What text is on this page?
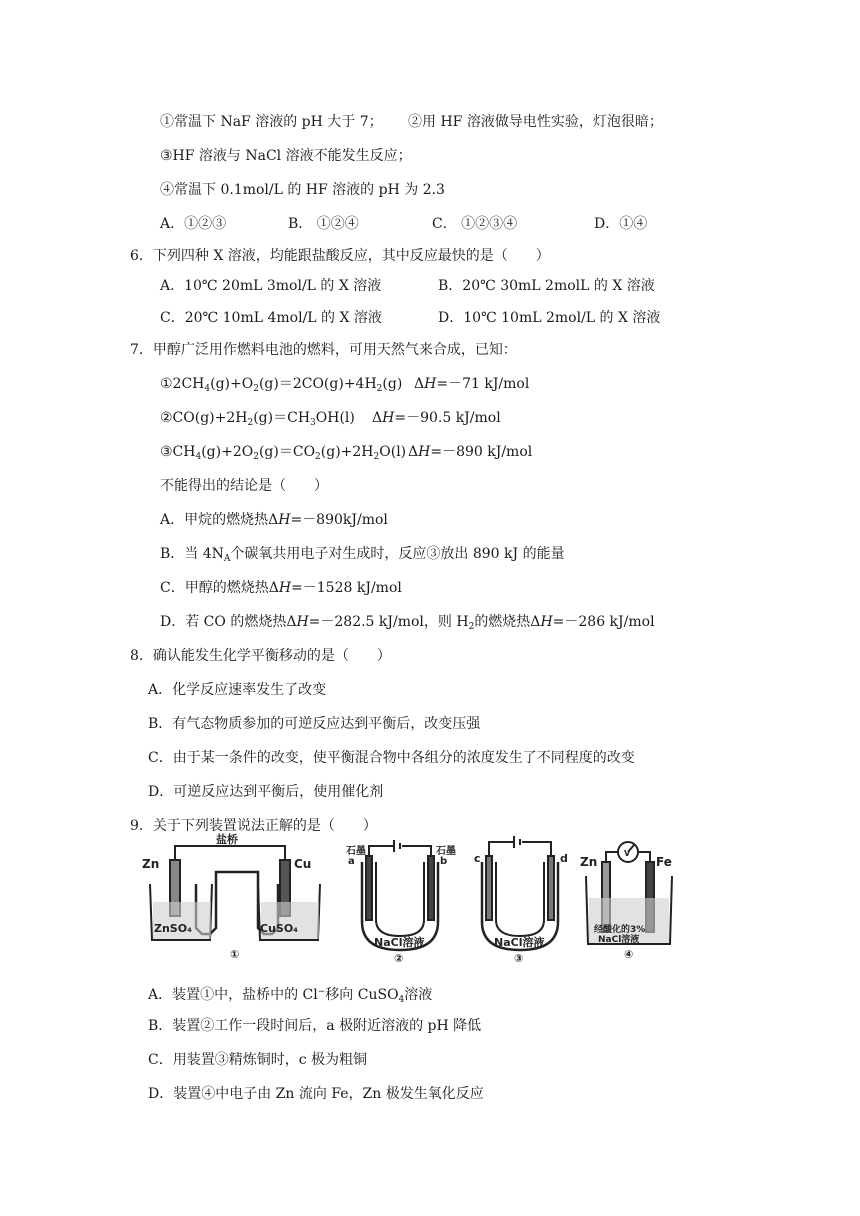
①常温下 NaF 溶液的 pH 大于 7； ②用 HF 溶液做导电性实验，灯泡很暗；
③HF 溶液与 NaCl 溶液不能发生反应；
④常温下 0.1mol/L 的 HF 溶液的 pH 为 2.3
A．①②③	B． ①②④	C． ①②③④	D．①④
6．下列四种 X 溶液，均能跟盐酸反应，其中反应最快的是（　　）
A．10℃ 20mL 3mol/L 的 X 溶液	B．20℃ 30mL 2molL 的 X 溶液
C．20℃ 10mL 4mol/L 的 X 溶液	D．10℃ 10mL 2mol/L 的 X 溶液
7．甲醇广泛用作燃料电池的燃料，可用天然气来合成，已知：
$①2CH_4(g)+O_2(g)=2CO(g)+4H_2(g)$ ΔH=－71 kJ/mol
$②CO(g)+2H_2(g)=CH_3OH(l)$ ΔH=－90.5 kJ/mol
$③CH_4(g)+2O_2(g)=CO_2(g)+2H_2O(l)$ ΔH=－890 kJ/mol
不能得出的结论是（　　）
A．甲烷的燃烧热ΔH=－890kJ/mol
B．当 $4N_A$个碳氧共用电子对生成时，反应③放出 890 kJ 的能量
C．甲醇的燃烧热ΔH=－1528 kJ/mol
D．若 CO 的燃烧热ΔH=－282.5 kJ/mol，则 $H_2$的燃烧热ΔH=－286 kJ/mol
8．确认能发生化学平衡移动的是（　　）
A．化学反应速率发生了改变
B．有气态物质参加的可逆反应达到平衡后，改变压强
C．由于某一条件的改变，使平衡混合物中各组分的浓度发生了不同程度的改变
D．可逆反应达到平衡后，使用催化剂
9．关于下列装置说法正解的是（　　）
盐桥
Zn	Cu
ZnSO₄	CuSO₄
①
石墨
a
石墨
b
NaCl溶液
②
c	d
NaCl溶液
③
Zn	Fe
V
经酸化的3%
NaCl溶液
④
A．装置①中，盐桥中的 Cl−移向 CuSO$_4$溶液
B．装置②工作一段时间后，a 极附近溶液的 pH 降低
C．用装置③精炼铜时，c 极为粗铜
D．装置④中电子由 Zn 流向 Fe，Zn 极发生氧化反应
